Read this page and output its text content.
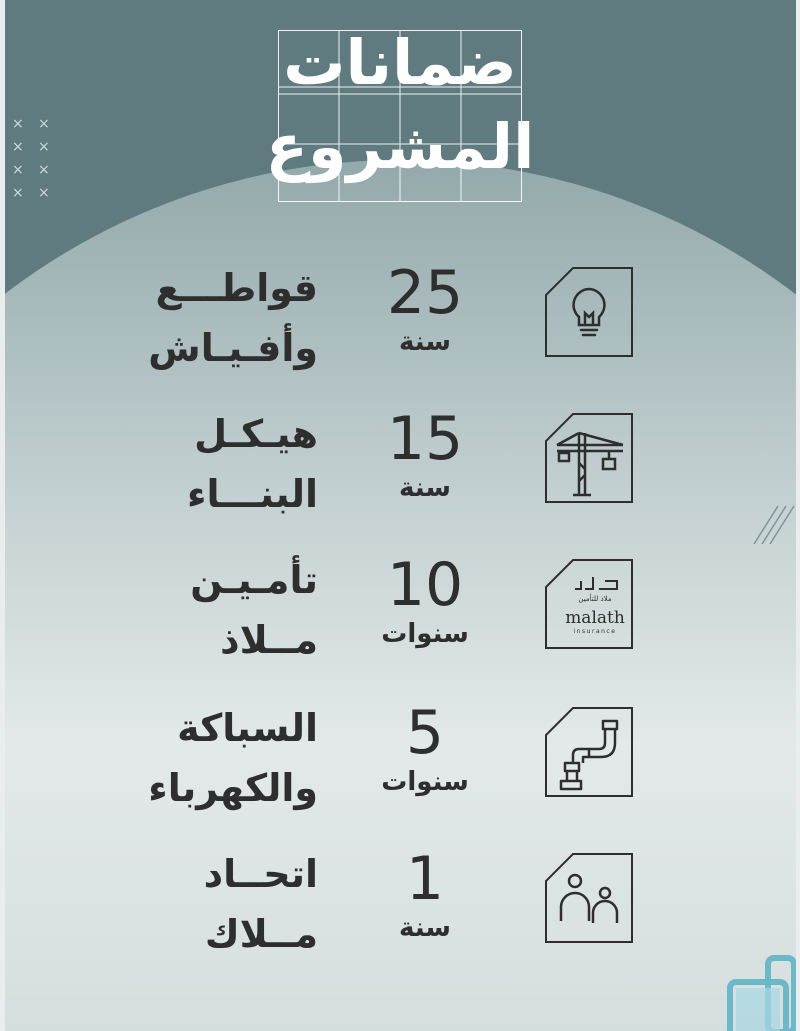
× ×
× ×
× ×
× ×
ضمانات
المشروع
25
سنة
قواطـــع
وأفـيـاش
15
سنة
هيـكـل
البنـــاء
بيوت
ملاذ للتأمين
malath
insurance
10
سنوات
تأمـيـن
مــلاذ
5
سنوات
السباكة
والكهرباء
1
سنة
اتحــاد
مــلاك
